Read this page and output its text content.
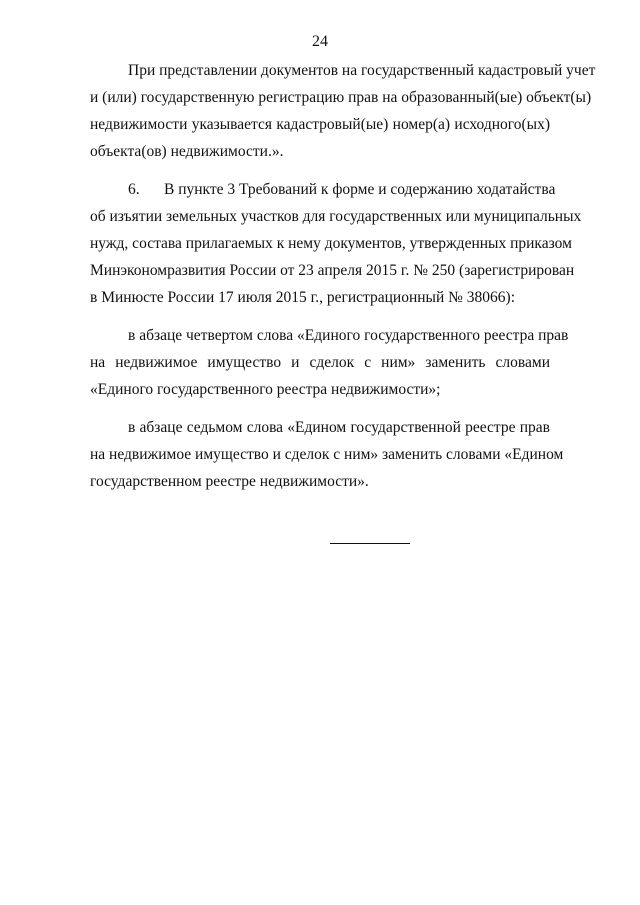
24
При представлении документов на государственный кадастровый учет
и (или) государственную регистрацию прав на образованный(ые) объект(ы)
недвижимости указывается кадастровый(ые) номер(а) исходного(ых)
объекта(ов) недвижимости.».
6. В пункте 3 Требований к форме и содержанию ходатайства
об изъятии земельных участков для государственных или муниципальных
нужд, состава прилагаемых к нему документов, утвержденных приказом
Минэкономразвития России от 23 апреля 2015 г. № 250 (зарегистрирован
в Минюсте России 17 июля 2015 г., регистрационный № 38066):
в абзаце четвертом слова «Единого государственного реестра прав
на недвижимое имущество и сделок с ним» заменить словами
«Единого государственного реестра недвижимости»;
в абзаце седьмом слова «Едином государственной реестре прав
на недвижимое имущество и сделок с ним» заменить словами «Едином
государственном реестре недвижимости».
